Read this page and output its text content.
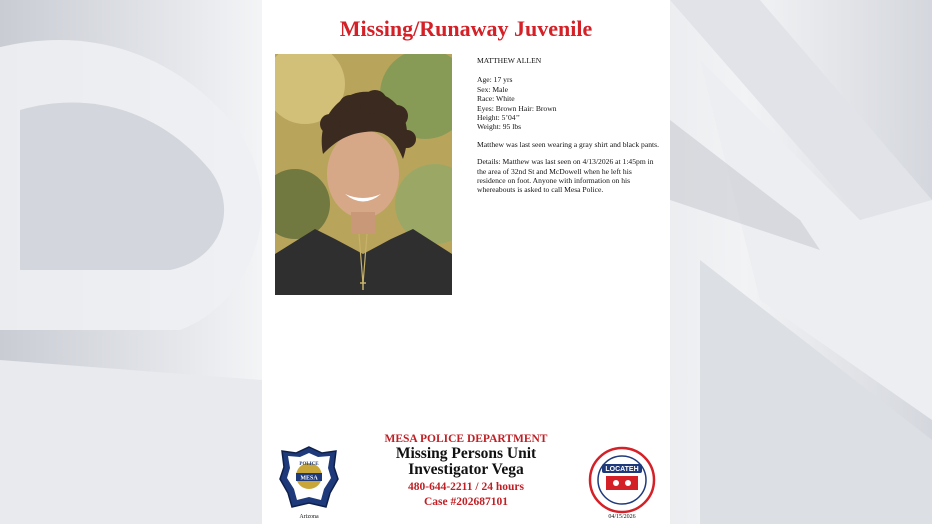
Missing/Runaway Juvenile
MATTHEW ALLEN
Age: 17 yrs
Sex: Male
Race: White
Eyes: Brown Hair: Brown
Height: 5’04’’
Weight: 95 lbs
Matthew was last seen wearing a gray shirt and black pants.
Details: Matthew was last seen on 4/13/2026 at 1:45pm in the area of 32nd St and McDowell when he left his residence on foot. Anyone with information on his whereabouts is asked to call Mesa Police.
MESA
POLICE
Arizona
MESA POLICE DEPARTMENT
Missing Persons Unit
Investigator Vega
480-644-2211 / 24 hours
Case #202687101
LOCATEH
04/15/2026
